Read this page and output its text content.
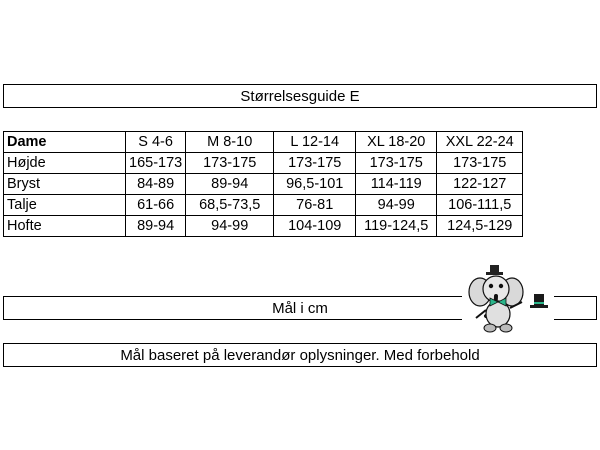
Størrelsesguide E
Dame	S 4-6	M 8-10	L 12-14	XL 18-20	XXL 22-24
Højde	165-173	173-175	173-175	173-175	173-175
Bryst	84-89	89-94	96,5-101	114-119	122-127
Talje	61-66	68,5-73,5	76-81	94-99	106-111,5
Hofte	89-94	94-99	104-109	119-124,5	124,5-129
Mål i cm
Mål baseret på leverandør oplysninger. Med forbehold
